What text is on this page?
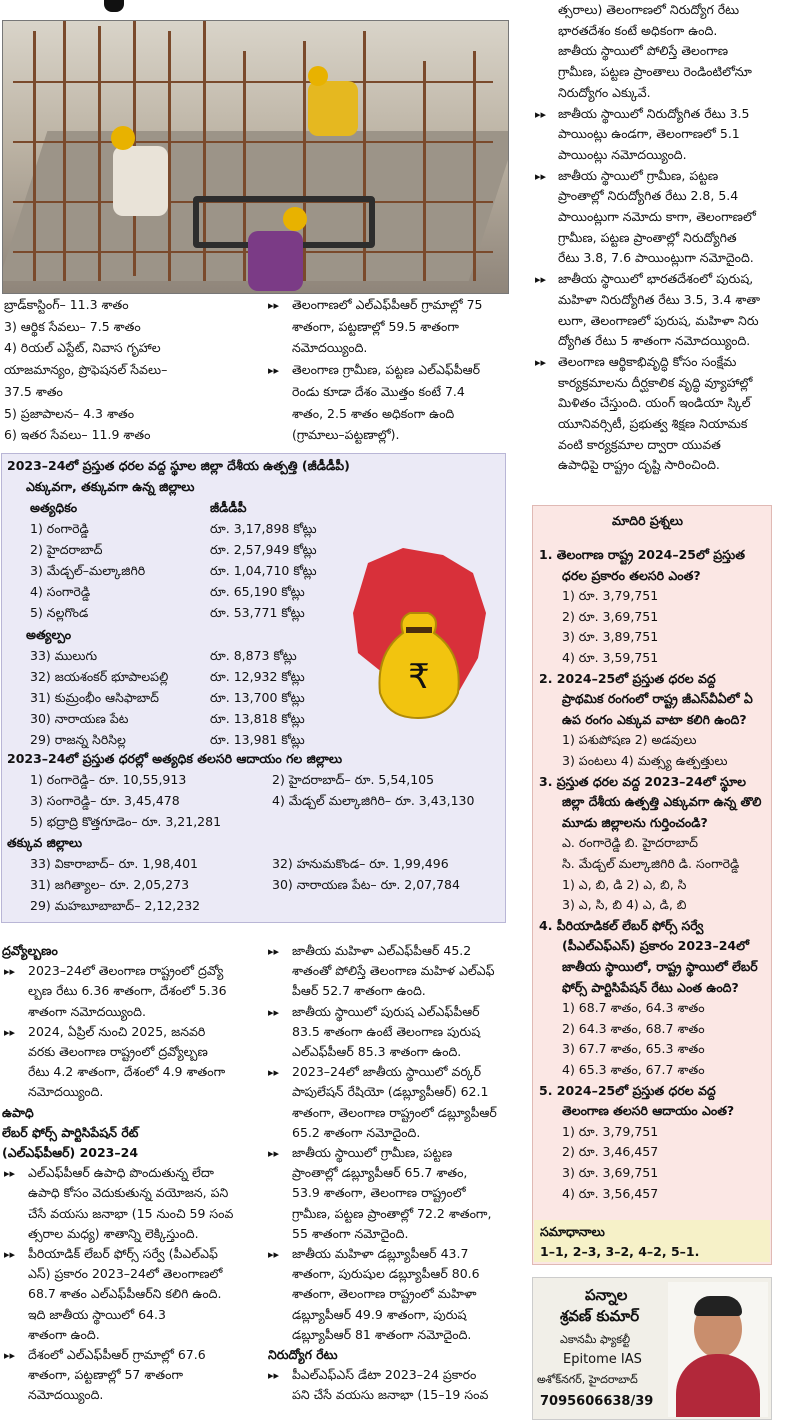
బ్రాడ్‌కాస్టింగ్– 11.3 శాతం
3) ఆర్థిక సేవలు– 7.5 శాతం
4) రియల్ ఎస్టేట్, నివాస గృహాల
యాజమాన్యం, ప్రొఫెషనల్ సేవలు–
37.5 శాతం
5) ప్రజాపాలన– 4.3 శాతం
6) ఇతర సేవలు– 11.9 శాతం
▸▸ తెలంగాణలో ఎల్ఎఫ్‌పీఆర్ గ్రామాల్లో 75
శాతంగా, పట్టణాల్లో 59.5 శాతంగా
నమోదయ్యింది.
▸▸ తెలంగాణ గ్రామీణ, పట్టణ ఎల్ఎఫ్‌పీఆర్
రెండు కూడా దేశం మొత్తం కంటే 7.4
శాతం, 2.5 శాతం అధికంగా ఉంది
(గ్రామాలు–పట్టణాల్లో).
త్సరాలు) తెలంగాణలో నిరుద్యోగ రేటు
భారతదేశం కంటే అధికంగా ఉంది.
జాతీయ స్థాయిలో పోలిస్తే తెలంగాణ
గ్రామీణ, పట్టణ ప్రాంతాలు రెండింటిలోనూ
నిరుద్యోగం ఎక్కువే.
▸▸ జాతీయ స్థాయిలో నిరుద్యోగిత రేటు 3.5
పాయింట్లు ఉండగా, తెలంగాణలో 5.1
పాయింట్లు నమోదయ్యింది.
▸▸ జాతీయ స్థాయిలో గ్రామీణ, పట్టణ
ప్రాంతాల్లో నిరుద్యోగిత రేటు 2.8, 5.4
పాయింట్లుగా నమోదు కాగా, తెలంగాణలో
గ్రామీణ, పట్టణ ప్రాంతాల్లో నిరుద్యోగిత
రేటు 3.8, 7.6 పాయింట్లుగా నమోదైంది.
▸▸ జాతీయ స్థాయిలో భారతదేశంలో పురుష,
మహిళా నిరుద్యోగిత రేటు 3.5, 3.4 శాతా
లుగా, తెలంగాణలో పురుష, మహిళా నిరు
ద్యోగిత రేటు 5 శాతంగా నమోదయ్యింది.
▸▸ తెలంగాణ ఆర్థికాభివృద్ధి కోసం సంక్షేమ
కార్యక్రమాలను దీర్ఘకాలిక వృద్ధి వ్యూహాల్లో
మిళితం చేస్తుంది. యంగ్ ఇండియా స్కిల్
యూనివర్సిటీ, ప్రభుత్వ శిక్షణ నియామక
వంటి కార్యక్రమాల ద్వారా యువత
ఉపాధిపై రాష్ట్రం దృష్టి సారించింది.
2023–24లో ప్రస్తుత ధరల వద్ద స్థూల జిల్లా దేశీయ ఉత్పత్తి (జీడీడీపీ)
ఎక్కువగా, తక్కువగా ఉన్న జిల్లాలు
అత్యధికం	జీడీడీపీ
1) రంగారెడ్డి	రూ. 3,17,898 కోట్లు
2) హైదరాబాద్	రూ. 2,57,949 కోట్లు
3) మేడ్చల్–మల్కాజిగిరి	రూ. 1,04,710 కోట్లు
4) సంగారెడ్డి	రూ. 65,190 కోట్లు
5) నల్లగొండ	రూ. 53,771 కోట్లు
అత్యల్పం
33) ములుగు	రూ. 8,873 కోట్లు
32) జయశంకర్ భూపాలపల్లి	రూ. 12,932 కోట్లు
31) కుమ్రంభీం ఆసిఫాబాద్	రూ. 13,700 కోట్లు
30) నారాయణ పేట	రూ. 13,818 కోట్లు
29) రాజన్న సిరిసిల్ల	రూ. 13,981 కోట్లు
2023–24లో ప్రస్తుత ధరల్లో అత్యధిక తలసరి ఆదాయం గల జిల్లాలు
1) రంగారెడ్డి– రూ. 10,55,913	2) హైదరాబాద్– రూ. 5,54,105
3) సంగారెడ్డి– రూ. 3,45,478	4) మేడ్చల్ మల్కాజిగిరి– రూ. 3,43,130
5) భద్రాద్రి కొత్తగూడెం– రూ. 3,21,281
తక్కువ జిల్లాలు
33) వికారాబాద్– రూ. 1,98,401	32) హనుమకొండ– రూ. 1,99,496
31) జగిత్యాల– రూ. 2,05,273	30) నారాయణ పేట– రూ. 2,07,784
29) మహబూబాబాద్– 2,12,232
₹
ద్రవ్యోల్బణం
▸▸ 2023–24లో తెలంగాణ రాష్ట్రంలో ద్రవ్యో
ల్బణ రేటు 6.36 శాతంగా, దేశంలో 5.36
శాతంగా నమోదయ్యింది.
▸▸ 2024, ఏప్రిల్ నుంచి 2025, జనవరి
వరకు తెలంగాణ రాష్ట్రంలో ద్రవ్యోల్బణ
రేటు 4.2 శాతంగా, దేశంలో 4.9 శాతంగా
నమోదయ్యింది.
ఉపాధి
లేబర్ ఫోర్స్ పార్టిసిపేషన్ రేట్
(ఎల్ఎఫ్‌పీఆర్) 2023–24
▸▸ ఎల్ఎఫ్‌పీఆర్ ఉపాధి పొందుతున్న లేదా
ఉపాధి కోసం వెదుకుతున్న వయోజన, పని
చేసే వయసు జనాభా (15 నుంచి 59 సంవ
త్సరాల మధ్య) శాతాన్ని లెక్కిస్తుంది.
▸▸ పీరియాడిక్ లేబర్ ఫోర్స్ సర్వే (పీఎల్ఎఫ్
ఎస్) ప్రకారం 2023–24లో తెలంగాణలో
68.7 శాతం ఎల్ఎఫ్‌పీఆర్‌ని కలిగి ఉంది.
ఇది జాతీయ స్థాయిలో 64.3
శాతంగా ఉంది.
▸▸ దేశంలో ఎల్ఎఫ్‌పీఆర్ గ్రామాల్లో 67.6
శాతంగా, పట్టణాల్లో 57 శాతంగా
నమోదయ్యింది.
▸▸ జాతీయ మహిళా ఎల్ఎఫ్‌పీఆర్ 45.2
శాతంతో పోలిస్తే తెలంగాణ మహిళ ఎల్ఎఫ్
పీఆర్ 52.7 శాతంగా ఉంది.
▸▸ జాతీయ స్థాయిలో పురుష ఎల్ఎఫ్‌పీఆర్
83.5 శాతంగా ఉంటే తెలంగాణ పురుష
ఎల్ఎఫ్‌పీఆర్ 85.3 శాతంగా ఉంది.
▸▸ 2023–24లో జాతీయ స్థాయిలో వర్కర్
పాపులేషన్ రేషియో (డబ్ల్యూపీఆర్) 62.1
శాతంగా, తెలంగాణ రాష్ట్రంలో డబ్ల్యూపీఆర్
65.2 శాతంగా నమోదైంది.
▸▸ జాతీయ స్థాయిలో గ్రామీణ, పట్టణ
ప్రాంతాల్లో డబ్ల్యూపీఆర్ 65.7 శాతం,
53.9 శాతంగా, తెలంగాణ రాష్ట్రంలో
గ్రామీణ, పట్టణ ప్రాంతాల్లో 72.2 శాతంగా,
55 శాతంగా నమోదైంది.
▸▸ జాతీయ మహిళా డబ్ల్యూపీఆర్ 43.7
శాతంగా, పురుషుల డబ్ల్యూపీఆర్ 80.6
శాతంగా, తెలంగాణ రాష్ట్రంలో మహిళా
డబ్ల్యూపీఆర్ 49.9 శాతంగా, పురుష
డబ్ల్యూపీఆర్ 81 శాతంగా నమోదైంది.
నిరుద్యోగ రేటు
▸▸ పీఎల్ఎఫ్ఎస్ డేటా 2023–24 ప్రకారం
పని చేసే వయసు జనాభా (15–19 సంవ
మాదిరి ప్రశ్నలు
1. తెలంగాణ రాష్ట్ర 2024–25లో ప్రస్తుత
ధరల ప్రకారం తలసరి ఎంత?
1) రూ. 3,79,751
2) రూ. 3,69,751
3) రూ. 3,89,751
4) రూ. 3,59,751
2. 2024–25లో ప్రస్తుత ధరల వద్ద
ప్రాథమిక రంగంలో రాష్ట్ర జీఎస్‌వీఏలో ఏ
ఉప రంగం ఎక్కువ వాటా కలిగి ఉంది?
1) పశుపోషణ 2) అడవులు
3) పంటలు 4) మత్స్య ఉత్పత్తులు
3. ప్రస్తుత ధరల వద్ద 2023–24లో స్థూల
జిల్లా దేశీయ ఉత్పత్తి ఎక్కువగా ఉన్న తొలి
మూడు జిల్లాలను గుర్తించండి?
ఎ. రంగారెడ్డి బి. హైదరాబాద్
సి. మేడ్చల్ మల్కాజిగిరి డి. సంగారెడ్డి
1) ఎ, బి, డి 2) ఎ, బి, సి
3) ఎ, సి, బి 4) ఎ, డి, బి
4. పీరియాడికల్ లేబర్ ఫోర్స్ సర్వే
(పీఎల్ఎఫ్ఎస్) ప్రకారం 2023–24లో
జాతీయ స్థాయిలో, రాష్ట్ర స్థాయిలో లేబర్
ఫోర్స్ పార్టిసిపేషన్ రేటు ఎంత ఉంది?
1) 68.7 శాతం, 64.3 శాతం
2) 64.3 శాతం, 68.7 శాతం
3) 67.7 శాతం, 65.3 శాతం
4) 65.3 శాతం, 67.7 శాతం
5. 2024–25లో ప్రస్తుత ధరల వద్ద
తెలంగాణ తలసరి ఆదాయం ఎంత?
1) రూ. 3,79,751
2) రూ. 3,46,457
3) రూ. 3,69,751
4) రూ. 3,56,457
సమాధానాలు
1–1, 2–3, 3–2, 4–2, 5–1.
పన్నాల
శ్రవణ్ కుమార్
ఎకానమీ ఫ్యాకల్టీ
Epitome IAS
అశోక్‌నగర్, హైదరాబాద్
7095606638/39
